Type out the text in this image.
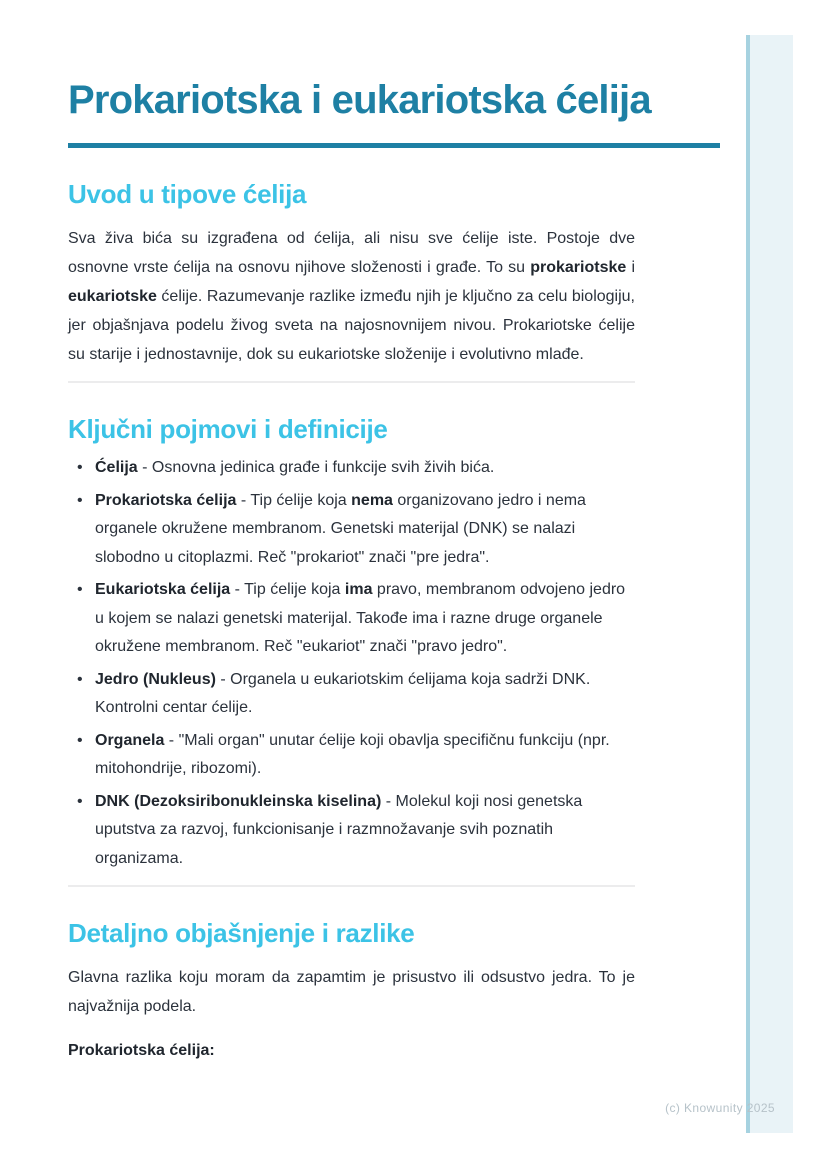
Prokariotska i eukariotska ćelija
Uvod u tipove ćelija

Sva živa bića su izgrađena od ćelija, ali nisu sve ćelije iste. Postoje dve osnovne vrste ćelija na osnovu njihove složenosti i građe. To su prokariotske i eukariotske ćelije. Razumevanje razlike između njih je ključno za celu biologiju, jer objašnjava podelu živog sveta na najosnovnijem nivou. Prokariotske ćelije su starije i jednostavnije, dok su eukariotske složenije i evolutivno mlađe.

Ključni pojmovi i definicije
• Ćelija - Osnovna jedinica građe i funkcije svih živih bića.
• Prokariotska ćelija - Tip ćelije koja nema organizovano jedro i nema organele okružene membranom. Genetski materijal (DNK) se nalazi slobodno u citoplazmi. Reč "prokariot" znači "pre jedra".
• Eukariotska ćelija - Tip ćelije koja ima pravo, membranom odvojeno jedro u kojem se nalazi genetski materijal. Takođe ima i razne druge organele okružene membranom. Reč "eukariot" znači "pravo jedro".
• Jedro (Nukleus) - Organela u eukariotskim ćelijama koja sadrži DNK. Kontrolni centar ćelije.
• Organela - "Mali organ" unutar ćelije koji obavlja specifičnu funkciju (npr. mitohondrije, ribozomi).
• DNK (Dezoksiribonukleinska kiselina) - Molekul koji nosi genetska uputstva za razvoj, funkcionisanje i razmnožavanje svih poznatih organizama.
Detaljno objašnjenje i razlike

Glavna razlika koju moram da zapamtim je prisustvo ili odsustvo jedra. To je najvažnija podela.

Prokariotska ćelija:

(c) Knowunity 2025
